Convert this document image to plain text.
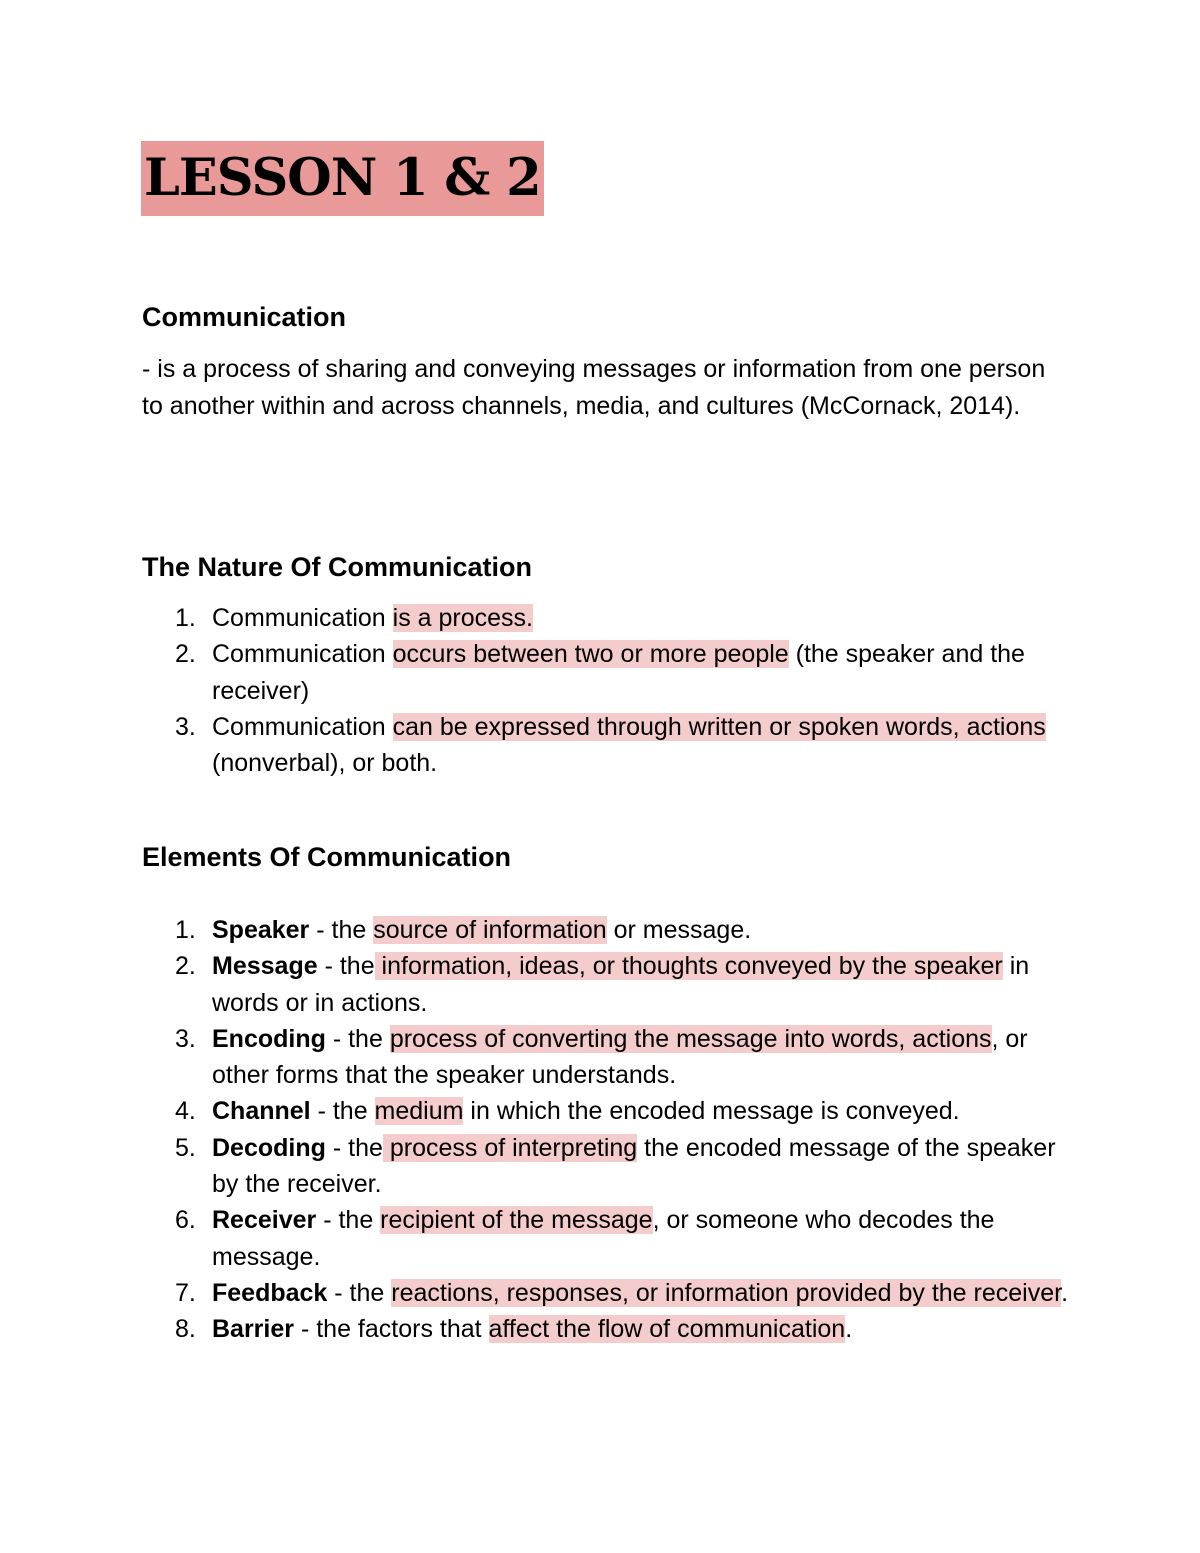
LESSON 1 & 2
Communication

- is a process of sharing and conveying messages or information from one person to another within and across channels, media, and cultures (McCornack, 2014).

The Nature Of Communication
1. Communication is a process.
2. Communication occurs between two or more people (the speaker and the receiver)
3. Communication can be expressed through written or spoken words, actions (nonverbal), or both.
Elements Of Communication
1. Speaker - the source of information or message.
2. Message - the information, ideas, or thoughts conveyed by the speaker in words or in actions.
3. Encoding - the process of converting the message into words, actions, or other forms that the speaker understands.
4. Channel - the medium in which the encoded message is conveyed.
5. Decoding - the process of interpreting the encoded message of the speaker by the receiver.
6. Receiver - the recipient of the message, or someone who decodes the message.
7. Feedback - the reactions, responses, or information provided by the receiver.
8. Barrier - the factors that affect the flow of communication.
